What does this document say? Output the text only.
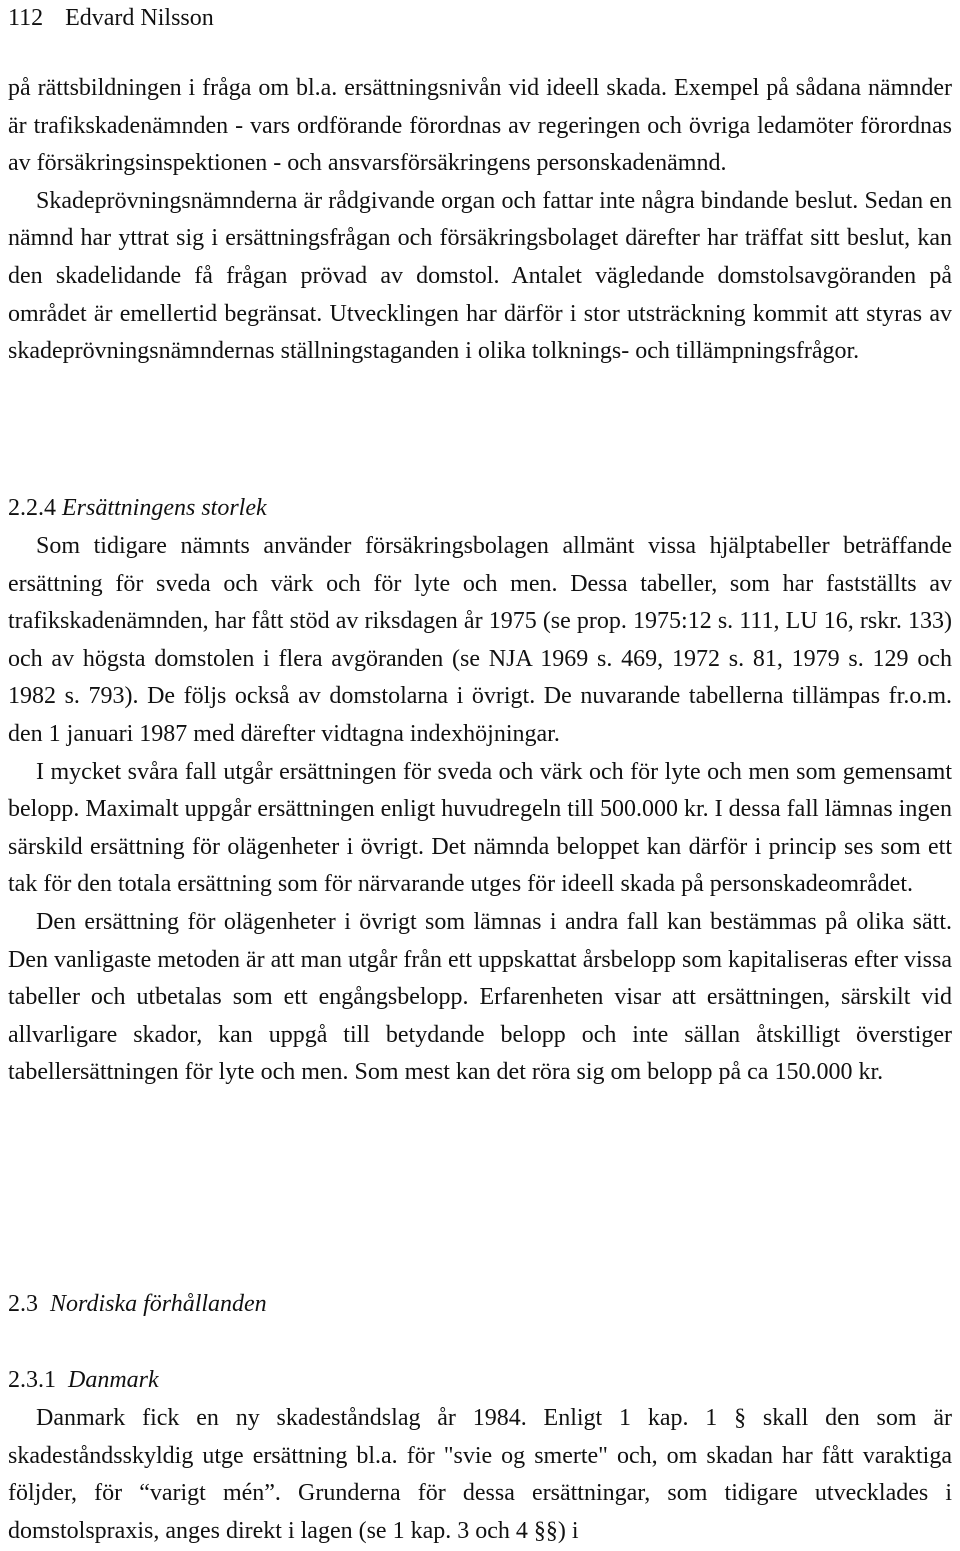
112 Edvard Nilsson

på rättsbildningen i fråga om bl.a. ersättningsnivån vid ideell skada. Exempel på sådana nämnder är trafikskadenämnden - vars ordförande förordnas av regeringen och övriga ledamöter förordnas av försäkringsinspektionen - och ansvarsförsäkringens personskadenämnd.

Skadeprövningsnämnderna är rådgivande organ och fattar inte några bindande beslut. Sedan en nämnd har yttrat sig i ersättningsfrågan och försäkringsbolaget därefter har träffat sitt beslut, kan den skadelidande få frågan prövad av domstol. Antalet vägledande domstolsavgöranden på området är emellertid begränsat. Utvecklingen har därför i stor utsträckning kommit att styras av skadeprövningsnämndernas ställningstaganden i olika tolknings- och tillämpningsfrågor.

2.2.4 Ersättningens storlek

Som tidigare nämnts använder försäkringsbolagen allmänt vissa hjälptabeller beträffande ersättning för sveda och värk och för lyte och men. Dessa tabeller, som har fastställts av trafikskadenämnden, har fått stöd av riksdagen år 1975 (se prop. 1975:12 s. 111, LU 16, rskr. 133) och av högsta domstolen i flera avgöranden (se NJA 1969 s. 469, 1972 s. 81, 1979 s. 129 och 1982 s. 793). De följs också av domstolarna i övrigt. De nuvarande tabellerna tillämpas fr.o.m. den 1 januari 1987 med därefter vidtagna indexhöjningar.

I mycket svåra fall utgår ersättningen för sveda och värk och för lyte och men som gemensamt belopp. Maximalt uppgår ersättningen enligt huvudregeln till 500.000 kr. I dessa fall lämnas ingen särskild ersättning för olägenheter i övrigt. Det nämnda beloppet kan därför i princip ses som ett tak för den totala ersättning som för närvarande utges för ideell skada på personskadeområdet.

Den ersättning för olägenheter i övrigt som lämnas i andra fall kan bestämmas på olika sätt. Den vanligaste metoden är att man utgår från ett uppskattat årsbelopp som kapitaliseras efter vissa tabeller och utbetalas som ett engångsbelopp. Erfarenheten visar att ersättningen, särskilt vid allvarligare skador, kan uppgå till betydande belopp och inte sällan åtskilligt överstiger tabellersättningen för lyte och men. Som mest kan det röra sig om belopp på ca 150.000 kr.

2.3 Nordiska förhållanden
2.3.1 Danmark

Danmark fick en ny skadeståndslag år 1984. Enligt 1 kap. 1 § skall den som är skadeståndsskyldig utge ersättning bl.a. för "svie og smerte" och, om skadan har fått varaktiga följder, för “varigt mén”. Grunderna för dessa ersättningar, som tidigare utvecklades i domstolspraxis, anges direkt i lagen (se 1 kap. 3 och 4 §§) i
